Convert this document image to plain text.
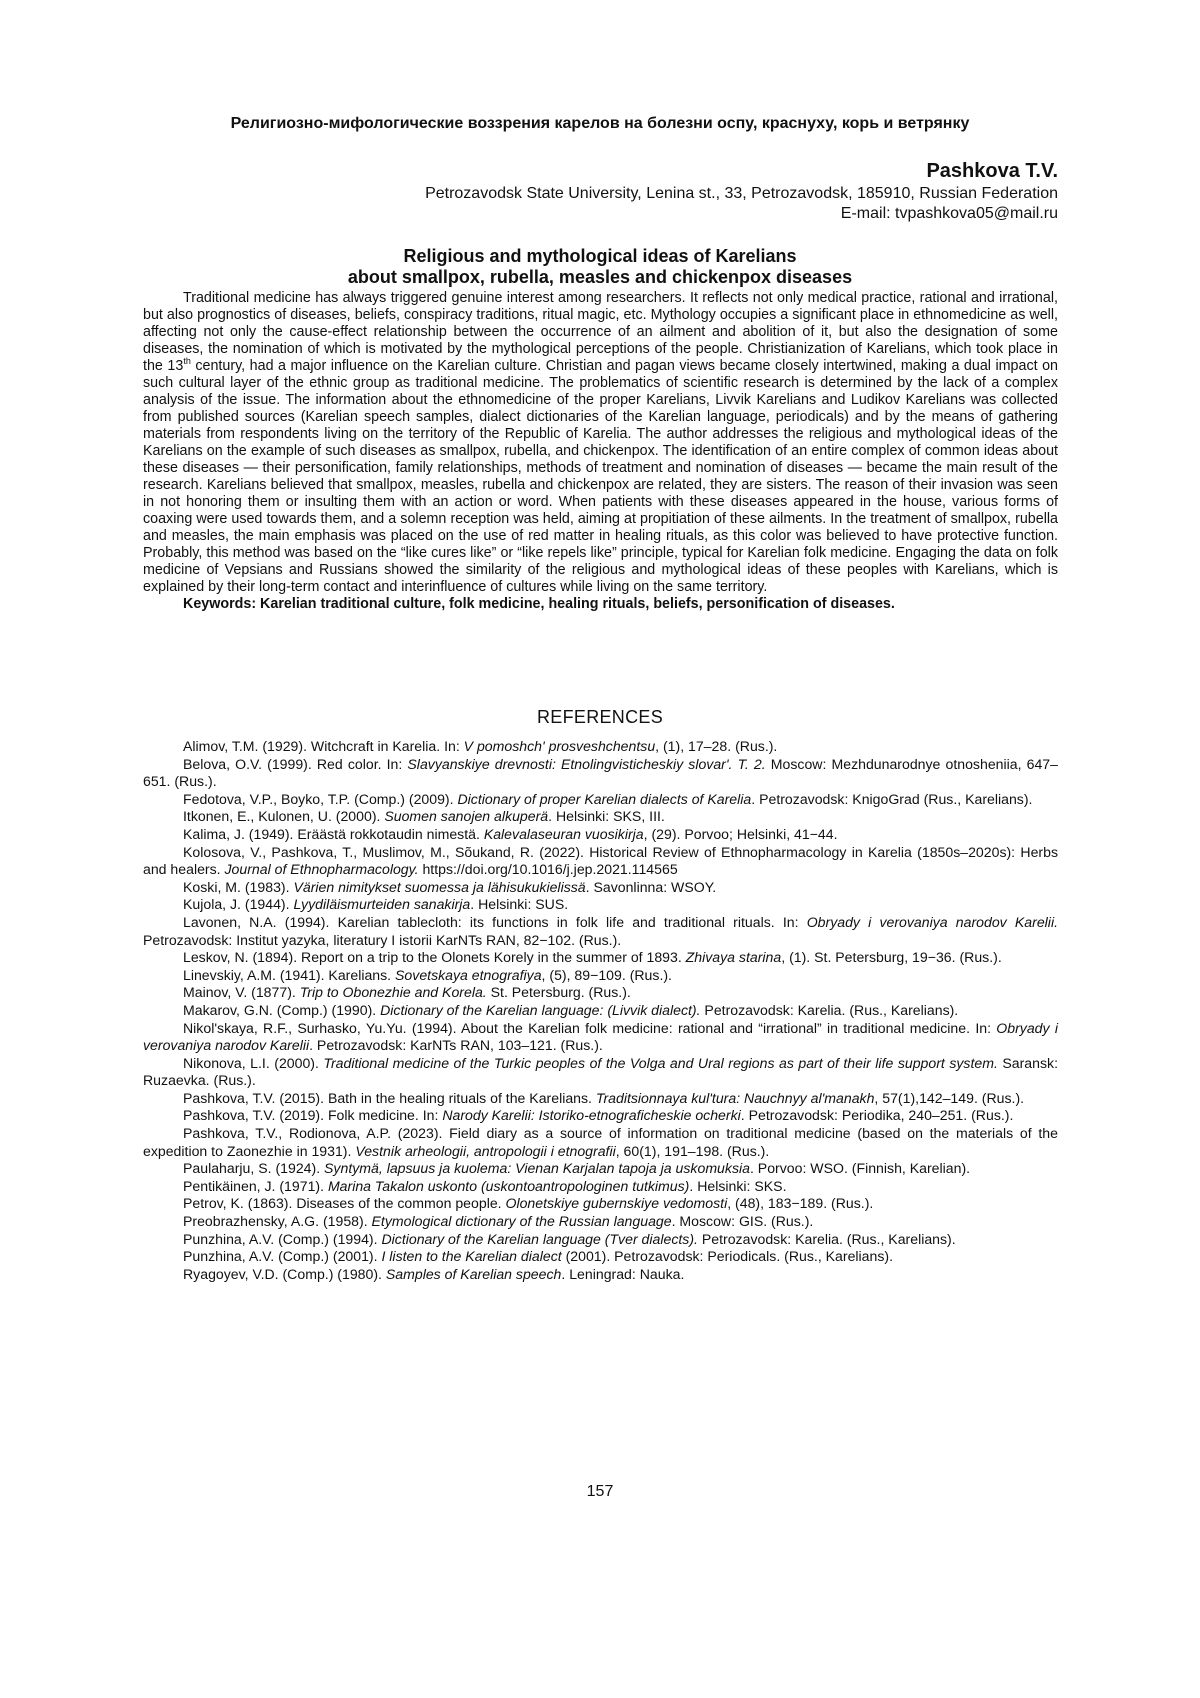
Религиозно-мифологические воззрения карелов на болезни оспу, краснуху, корь и ветрянку
Pashkova T.V.
Petrozavodsk State University, Lenina st., 33, Petrozavodsk, 185910, Russian Federation
E-mail: tvpashkova05@mail.ru
Religious and mythological ideas of Karelians
about smallpox, rubella, measles and chickenpox diseases

Traditional medicine has always triggered genuine interest among researchers. It reflects not only medical practice, rational and irrational, but also prognostics of diseases, beliefs, conspiracy traditions, ritual magic, etc. Mythology occupies a significant place in ethnomedicine as well, affecting not only the cause-effect relationship between the occurrence of an ailment and abolition of it, but also the designation of some diseases, the nomination of which is motivated by the mythological perceptions of the people. Christianization of Karelians, which took place in the 13th century, had a major influence on the Karelian culture. Christian and pagan views became closely intertwined, making a dual impact on such cultural layer of the ethnic group as traditional medicine. The problematics of scientific research is determined by the lack of a complex analysis of the issue. The information about the ethnomedicine of the proper Karelians, Livvik Karelians and Ludikov Karelians was collected from published sources (Karelian speech samples, dialect dictionaries of the Karelian language, periodicals) and by the means of gathering materials from respondents living on the territory of the Republic of Karelia. The author addresses the religious and mythological ideas of the Karelians on the example of such diseases as smallpox, rubella, and chickenpox. The identification of an entire complex of common ideas about these diseases — their personification, family relationships, methods of treatment and nomination of diseases — became the main result of the research. Karelians believed that smallpox, measles, rubella and chickenpox are related, they are sisters. The reason of their invasion was seen in not honoring them or insulting them with an action or word. When patients with these diseases appeared in the house, various forms of coaxing were used towards them, and a solemn reception was held, aiming at propitiation of these ailments. In the treatment of smallpox, rubella and measles, the main emphasis was placed on the use of red matter in healing rituals, as this color was believed to have protective function. Probably, this method was based on the “like cures like” or “like repels like” principle, typical for Karelian folk medicine. Engaging the data on folk medicine of Vepsians and Russians showed the similarity of the religious and mythological ideas of these peoples with Karelians, which is explained by their long-term contact and interinfluence of cultures while living on the same territory.

Keywords: Karelian traditional culture, folk medicine, healing rituals, beliefs, personification of diseases.

REFERENCES

Alimov, T.M. (1929). Witchcraft in Karelia. In: V pomoshch' prosveshchentsu, (1), 17–28. (Rus.).

Belova, O.V. (1999). Red color. In: Slavyanskiye drevnosti: Etnolingvisticheskiy slovar'. T. 2. Moscow: Mezhdunarodnye otnosheniia, 647–651. (Rus.).

Fedotova, V.P., Boyko, T.P. (Comp.) (2009). Dictionary of proper Karelian dialects of Karelia. Petrozavodsk: KnigoGrad (Rus., Karelians).

Itkonen, E., Kulonen, U. (2000). Suomen sanojen alkuperä. Helsinki: SKS, III.

Kalima, J. (1949). Eräästä rokkotaudin nimestä. Kalevalaseuran vuosikirja, (29). Porvoo; Helsinki, 41−44.

Kolosova, V., Pashkova, T., Muslimov, M., Sõukand, R. (2022). Historical Review of Ethnopharmacology in Karelia (1850s–2020s): Herbs and healers. Journal of Ethnopharmacology. https://doi.org/10.1016/j.jep.2021.114565

Koski, M. (1983). Värien nimitykset suomessa ja lähisukukielissä. Savonlinna: WSOY.

Kujola, J. (1944). Lyydiläismurteiden sanakirja. Helsinki: SUS.

Lavonen, N.A. (1994). Karelian tablecloth: its functions in folk life and traditional rituals. In: Obryady i verovaniya narodov Karelii. Petrozavodsk: Institut yazyka, literatury I istorii KarNTs RAN, 82−102. (Rus.).

Leskov, N. (1894). Report on a trip to the Olonets Korely in the summer of 1893. Zhivaya starina, (1). St. Petersburg, 19−36. (Rus.).

Linevskiy, A.M. (1941). Karelians. Sovetskaya etnografiya, (5), 89−109. (Rus.).

Mainov, V. (1877). Trip to Obonezhie and Korela. St. Petersburg. (Rus.).

Makarov, G.N. (Comp.) (1990). Dictionary of the Karelian language: (Livvik dialect). Petrozavodsk: Karelia. (Rus., Karelians).

Nikol'skaya, R.F., Surhasko, Yu.Yu. (1994). About the Karelian folk medicine: rational and “irrational” in traditional medicine. In: Obryady i verovaniya narodov Karelii. Petrozavodsk: KarNTs RAN, 103–121. (Rus.).

Nikonova, L.I. (2000). Traditional medicine of the Turkic peoples of the Volga and Ural regions as part of their life support system. Saransk: Ruzaevka. (Rus.).

Pashkova, T.V. (2015). Bath in the healing rituals of the Karelians. Traditsionnaya kul'tura: Nauchnyy al'manakh, 57(1),142–149. (Rus.).

Pashkova, T.V. (2019). Folk medicine. In: Narody Karelii: Istoriko-etnograficheskie ocherki. Petrozavodsk: Periodika, 240–251. (Rus.).

Pashkova, T.V., Rodionova, A.P. (2023). Field diary as a source of information on traditional medicine (based on the materials of the expedition to Zaonezhie in 1931). Vestnik arheologii, antropologii i etnografii, 60(1), 191–198. (Rus.).

Paulaharju, S. (1924). Syntymä, lapsuus ja kuolema: Vienan Karjalan tapoja ja uskomuksia. Porvoo: WSO. (Finnish, Karelian).

Pentikäinen, J. (1971). Marina Takalon uskonto (uskontoantropologinen tutkimus). Helsinki: SKS.

Petrov, K. (1863). Diseases of the common people. Olonetskiye gubernskiye vedomosti, (48), 183−189. (Rus.).

Preobrazhensky, A.G. (1958). Etymological dictionary of the Russian language. Moscow: GIS. (Rus.).

Punzhina, A.V. (Comp.) (1994). Dictionary of the Karelian language (Tver dialects). Petrozavodsk: Karelia. (Rus., Karelians).

Punzhina, A.V. (Comp.) (2001). I listen to the Karelian dialect (2001). Petrozavodsk: Periodicals. (Rus., Karelians).

Ryagoyev, V.D. (Comp.) (1980). Samples of Karelian speech. Leningrad: Nauka.

157
